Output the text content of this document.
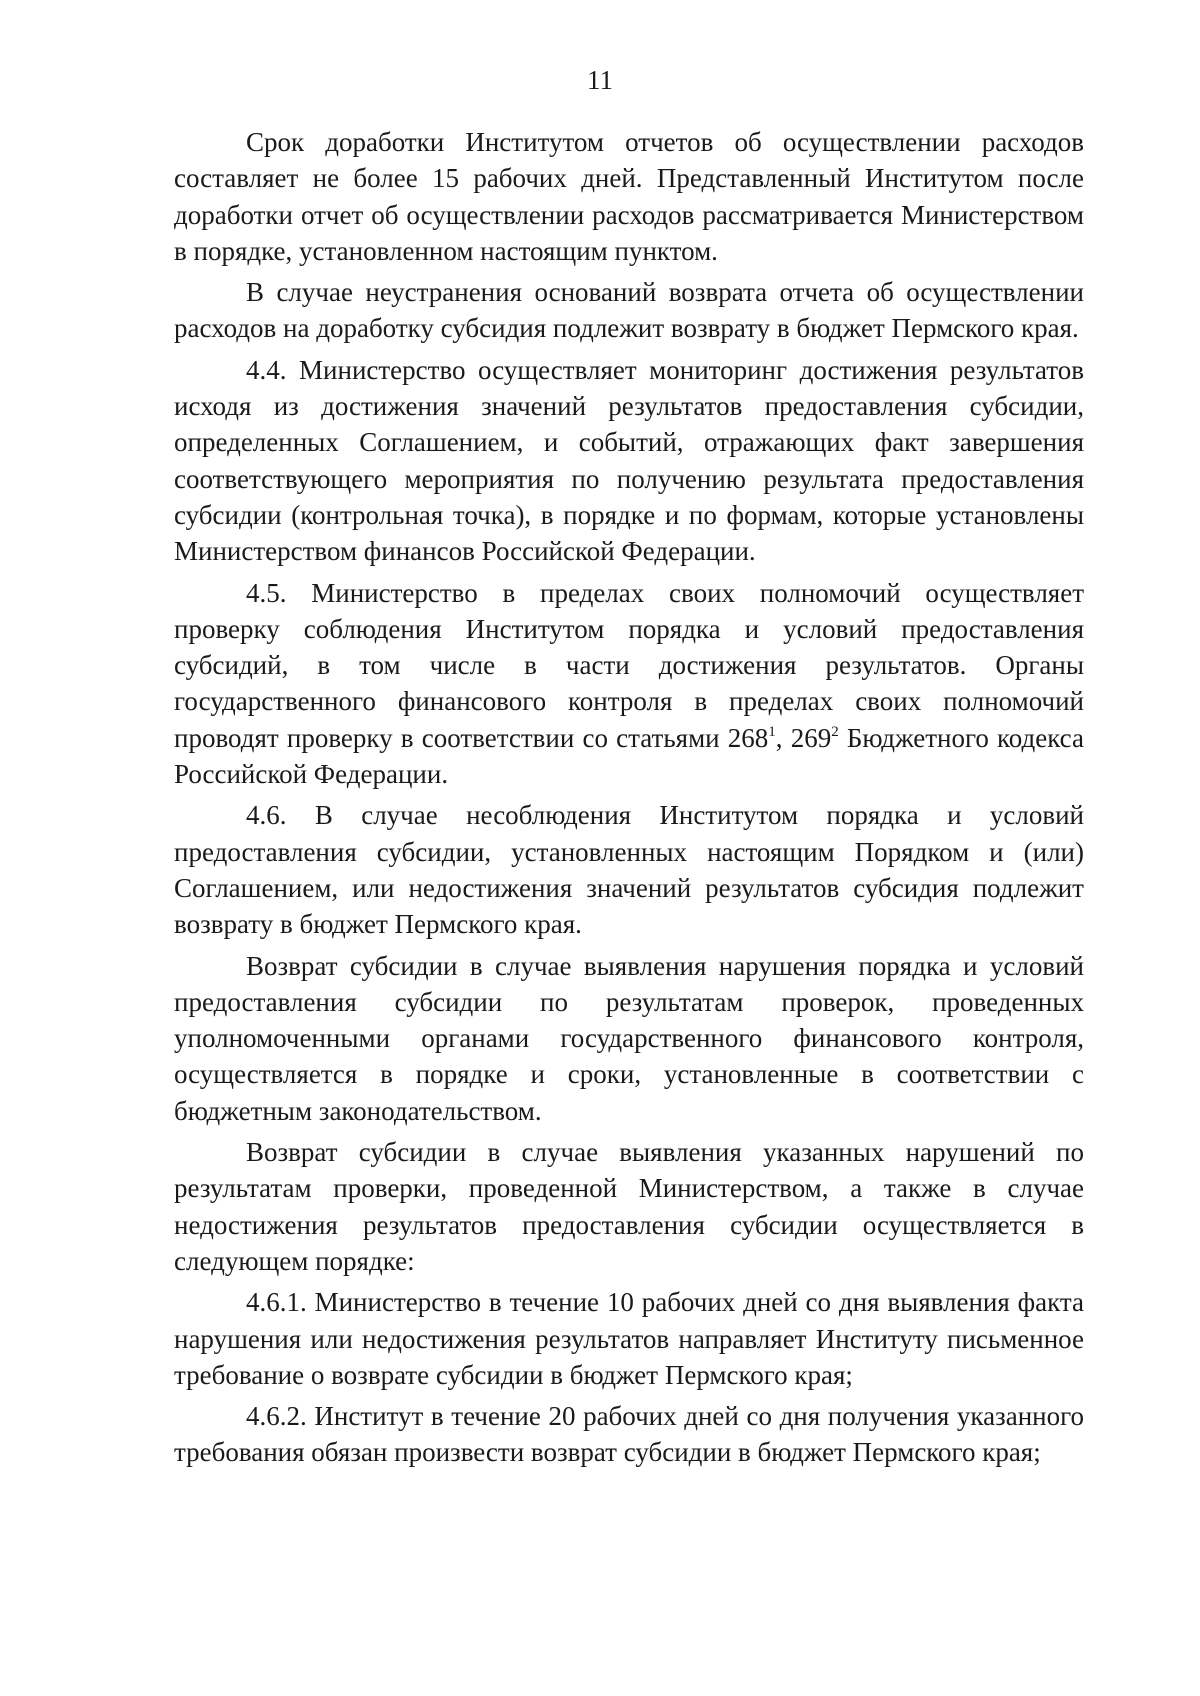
11

Срок доработки Институтом отчетов об осуществлении расходов составляет не более 15 рабочих дней. Представленный Институтом после доработки отчет об осуществлении расходов рассматривается Министерством в порядке, установленном настоящим пунктом.

В случае неустранения оснований возврата отчета об осуществлении расходов на доработку субсидия подлежит возврату в бюджет Пермского края.

4.4. Министерство осуществляет мониторинг достижения результатов исходя из достижения значений результатов предоставления субсидии, определенных Соглашением, и событий, отражающих факт завершения соответствующего мероприятия по получению результата предоставления субсидии (контрольная точка), в порядке и по формам, которые установлены Министерством финансов Российской Федерации.

4.5. Министерство в пределах своих полномочий осуществляет проверку соблюдения Институтом порядка и условий предоставления субсидий, в том числе в части достижения результатов. Органы государственного финансового контроля в пределах своих полномочий проводят проверку в соответствии со статьями $268^1$, $269^2$ Бюджетного кодекса Российской Федерации.

4.6. В случае несоблюдения Институтом порядка и условий предоставления субсидии, установленных настоящим Порядком и (или) Соглашением, или недостижения значений результатов субсидия подлежит возврату в бюджет Пермского края.

Возврат субсидии в случае выявления нарушения порядка и условий предоставления субсидии по результатам проверок, проведенных уполномоченными органами государственного финансового контроля, осуществляется в порядке и сроки, установленные в соответствии с бюджетным законодательством.

Возврат субсидии в случае выявления указанных нарушений по результатам проверки, проведенной Министерством, а также в случае недостижения результатов предоставления субсидии осуществляется в следующем порядке:

4.6.1. Министерство в течение 10 рабочих дней со дня выявления факта нарушения или недостижения результатов направляет Институту письменное требование о возврате субсидии в бюджет Пермского края;

4.6.2. Институт в течение 20 рабочих дней со дня получения указанного требования обязан произвести возврат субсидии в бюджет Пермского края;
